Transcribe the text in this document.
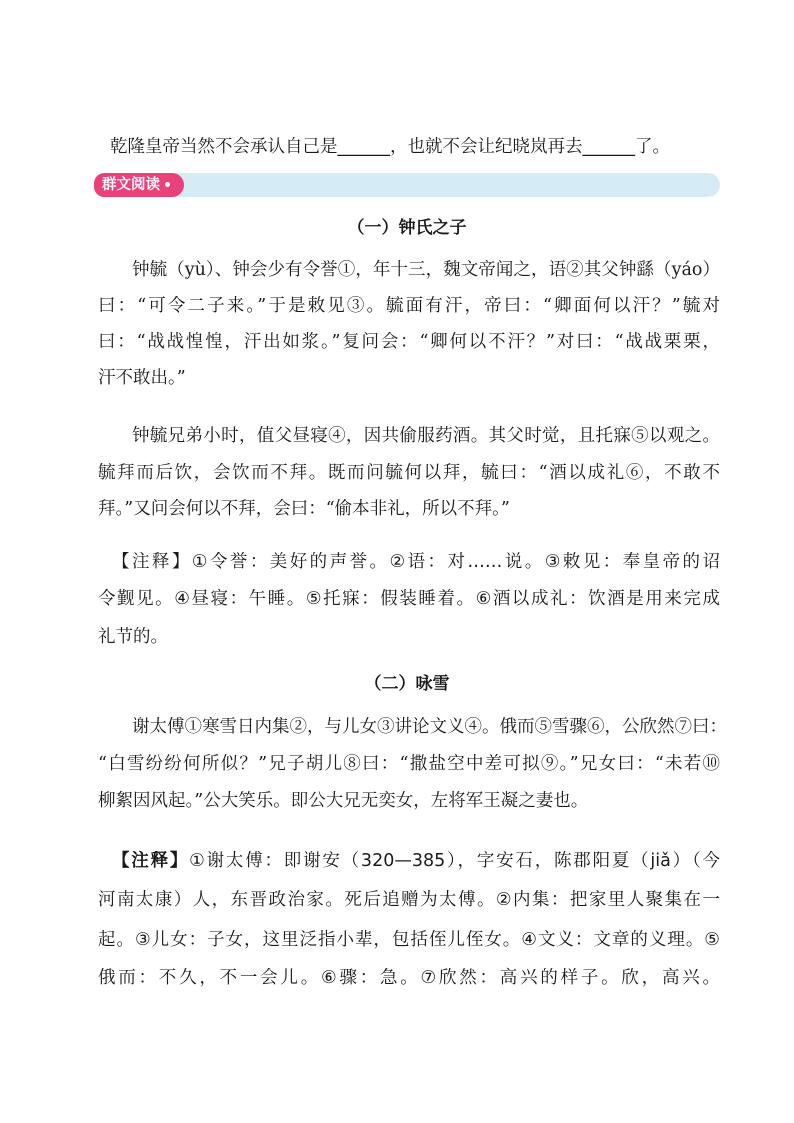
乾隆皇帝当然不会承认自己是______，也就不会让纪晓岚再去______了。
群文阅读
（一）钟氏之子
钟毓（yù）、钟会少有令誉①，年十三，魏文帝闻之，语②其父钟繇（yáo）
曰：“可令二子来。”于是敕见③。毓面有汗，帝曰：“卿面何以汗？”毓对
曰：“战战惶惶，汗出如浆。”复问会：“卿何以不汗？”对曰：“战战栗栗，
汗不敢出。”
钟毓兄弟小时，值父昼寝④，因共偷服药酒。其父时觉，且托寐⑤以观之。
毓拜而后饮，会饮而不拜。既而问毓何以拜，毓曰：“酒以成礼⑥，不敢不
拜。”又问会何以不拜，会曰：“偷本非礼，所以不拜。”
【注释】①令誉：美好的声誉。②语：对……说。③敕见：奉皇帝的诏
令觐见。④昼寝：午睡。⑤托寐：假装睡着。⑥酒以成礼：饮酒是用来完成
礼节的。
（二）咏雪
谢太傅①寒雪日内集②，与儿女③讲论文义④。俄而⑤雪骤⑥，公欣然⑦曰：
“白雪纷纷何所似？”兄子胡儿⑧曰：“撒盐空中差可拟⑨。”兄女曰：“未若⑩
柳絮因风起。”公大笑乐。即公大兄无奕女，左将军王凝之妻也。
【注释】①谢太傅：即谢安（320—385），字安石，陈郡阳夏（jiǎ）（今
河南太康）人，东晋政治家。死后追赠为太傅。②内集：把家里人聚集在一
起。③儿女：子女，这里泛指小辈，包括侄儿侄女。④文义：文章的义理。⑤
俄而：不久，不一会儿。⑥骤：急。⑦欣然：高兴的样子。欣，高兴。
